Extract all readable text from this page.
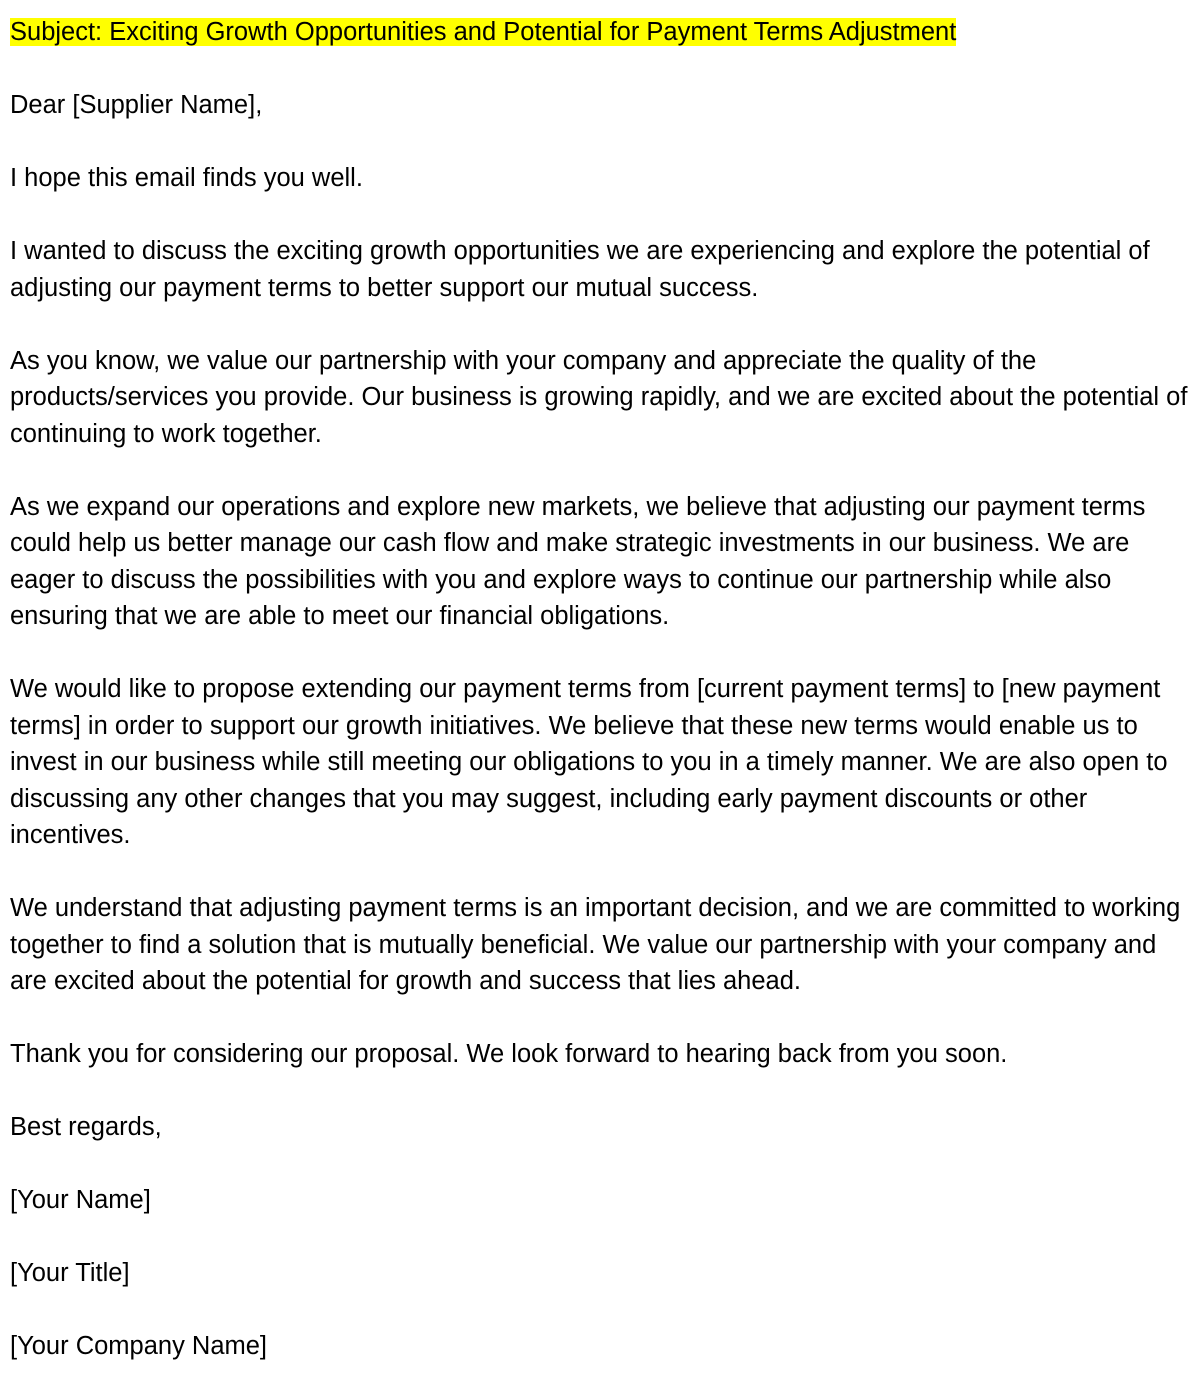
Subject: Exciting Growth Opportunities and Potential for Payment Terms Adjustment

Dear [Supplier Name],

I hope this email finds you well.

I wanted to discuss the exciting growth opportunities we are experiencing and explore the potential of adjusting our payment terms to better support our mutual success.

As you know, we value our partnership with your company and appreciate the quality of the products/services you provide. Our business is growing rapidly, and we are excited about the potential of continuing to work together.

As we expand our operations and explore new markets, we believe that adjusting our payment terms could help us better manage our cash flow and make strategic investments in our business. We are eager to discuss the possibilities with you and explore ways to continue our partnership while also ensuring that we are able to meet our financial obligations.

We would like to propose extending our payment terms from [current payment terms] to [new payment terms] in order to support our growth initiatives. We believe that these new terms would enable us to invest in our business while still meeting our obligations to you in a timely manner. We are also open to discussing any other changes that you may suggest, including early payment discounts or other incentives.

We understand that adjusting payment terms is an important decision, and we are committed to working together to find a solution that is mutually beneficial. We value our partnership with your company and are excited about the potential for growth and success that lies ahead.

Thank you for considering our proposal. We look forward to hearing back from you soon.

Best regards,

[Your Name]

[Your Title]

[Your Company Name]
